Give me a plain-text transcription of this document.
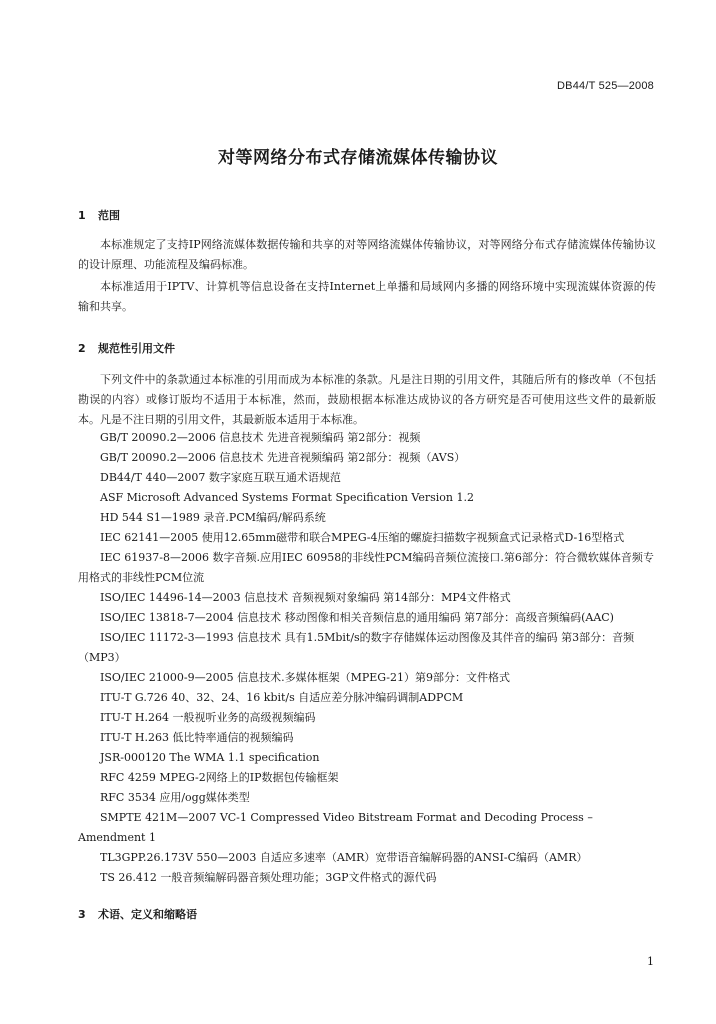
DB44/T 525—2008
对等网络分布式存储流媒体传输协议
1 范围
本标准规定了支持IP网络流媒体数据传输和共享的对等网络流媒体传输协议，对等网络分布式存储流媒体传输协议的设计原理、功能流程及编码标准。
本标准适用于IPTV、计算机等信息设备在支持Internet上单播和局域网内多播的网络环境中实现流媒体资源的传输和共享。
2 规范性引用文件
下列文件中的条款通过本标准的引用而成为本标准的条款。凡是注日期的引用文件，其随后所有的修改单（不包括勘误的内容）或修订版均不适用于本标准，然而，鼓励根据本标准达成协议的各方研究是否可使用这些文件的最新版本。凡是不注日期的引用文件，其最新版本适用于本标准。
GB/T 20090.2—2006 信息技术 先进音视频编码 第2部分：视频
GB/T 20090.2—2006 信息技术 先进音视频编码 第2部分：视频（AVS）
DB44/T 440—2007 数字家庭互联互通术语规范
ASF Microsoft Advanced Systems Format Specification Version 1.2
HD 544 S1—1989 录音.PCM编码/解码系统
IEC 62141—2005 使用12.65mm磁带和联合MPEG-4压缩的螺旋扫描数字视频盒式记录格式D-16型格式
IEC 61937-8—2006 数字音频.应用IEC 60958的非线性PCM编码音频位流接口.第6部分：符合微软媒体音频专用格式的非线性PCM位流
ISO/IEC 14496-14—2003 信息技术 音频视频对象编码 第14部分：MP4文件格式
ISO/IEC 13818-7—2004 信息技术 移动图像和相关音频信息的通用编码 第7部分：高级音频编码(AAC)
ISO/IEC 11172-3—1993 信息技术 具有1.5Mbit/s的数字存储媒体运动图像及其伴音的编码 第3部分：音频（MP3）
ISO/IEC 21000-9—2005 信息技术.多媒体框架（MPEG-21）第9部分：文件格式
ITU-T G.726 40、32、24、16 kbit/s 自适应差分脉冲编码调制ADPCM
ITU-T H.264 一般视听业务的高级视频编码
ITU-T H.263 低比特率通信的视频编码
JSR-000120 The WMA 1.1 specification
RFC 4259 MPEG-2网络上的IP数据包传输框架
RFC 3534 应用/ogg媒体类型
SMPTE 421M—2007 VC-1 Compressed Video Bitstream Format and Decoding Process – Amendment 1
TL3GPP.26.173V 550—2003 自适应多速率（AMR）宽带语音编解码器的ANSI-C编码（AMR）
TS 26.412 一般音频编解码器音频处理功能；3GP文件格式的源代码
3 术语、定义和缩略语
1
